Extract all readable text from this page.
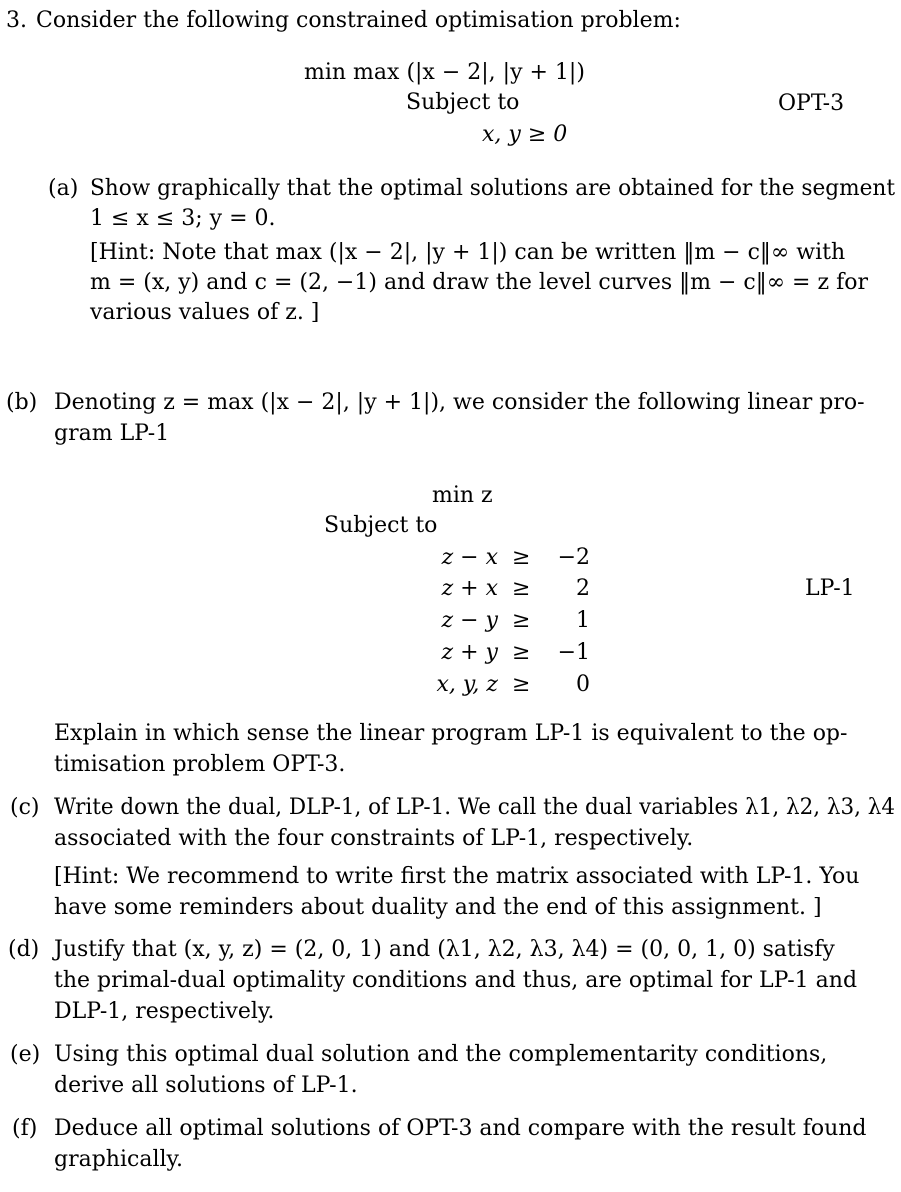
3. Consider the following constrained optimisation problem:
min max (|x − 2|, |y + 1|)
Subject to
x, y ≥ 0
OPT-3
(a) Show graphically that the optimal solutions are obtained for the segment
1 ≤ x ≤ 3; y = 0.
[Hint: Note that max (|x − 2|, |y + 1|) can be written ‖m − c‖∞ with
m = (x, y) and c = (2, −1) and draw the level curves ‖m − c‖∞ = z for
various values of z. ]
(b) Denoting z = max (|x − 2|, |y + 1|), we consider the following linear pro-
gram LP-1
min z
Subject to
z − x ≥ −2
z + x ≥	2
z − y ≥	1
z + y ≥ −1
x, y, z ≥	0
LP-1
Explain in which sense the linear program LP-1 is equivalent to the op-
timisation problem OPT-3.
(c) Write down the dual, DLP-1, of LP-1. We call the dual variables λ1, λ2, λ3, λ4
associated with the four constraints of LP-1, respectively.
[Hint: We recommend to write first the matrix associated with LP-1. You
have some reminders about duality and the end of this assignment. ]
(d) Justify that (x, y, z) = (2, 0, 1) and (λ1, λ2, λ3, λ4) = (0, 0, 1, 0) satisfy
the primal-dual optimality conditions and thus, are optimal for LP-1 and
DLP-1, respectively.
(e) Using this optimal dual solution and the complementarity conditions,
derive all solutions of LP-1.
(f) Deduce all optimal solutions of OPT-3 and compare with the result found
graphically.
